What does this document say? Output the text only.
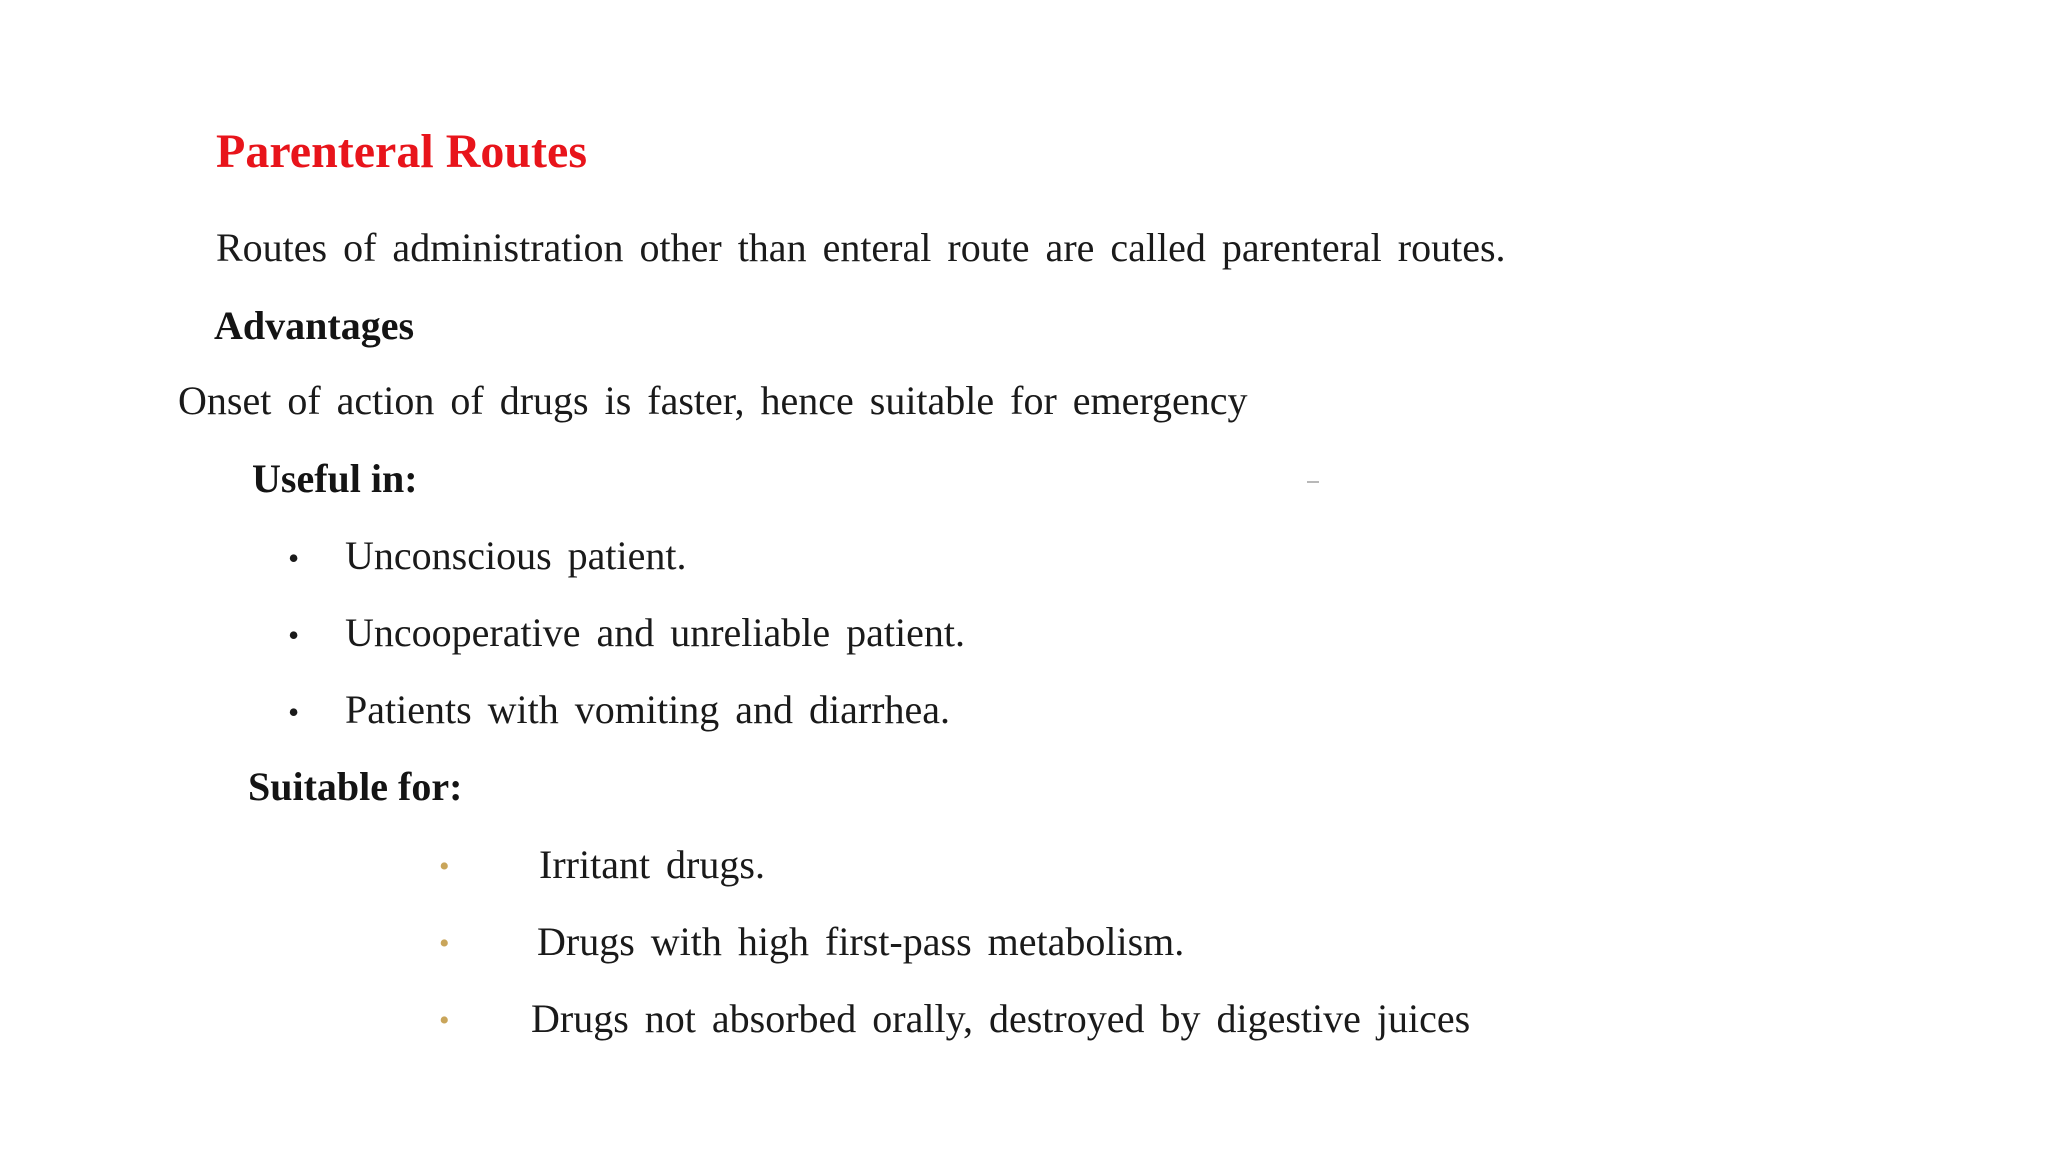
Parenteral Routes
Routes of administration other than enteral route are called parenteral routes.
Advantages
Onset of action of drugs is faster, hence suitable for emergency
Useful in:
• Unconscious patient.
• Uncooperative and unreliable patient.
• Patients with vomiting and diarrhea.
Suitable for:
• Irritant drugs.
• Drugs with high first-pass metabolism.
• Drugs not absorbed orally, destroyed by digestive juices
